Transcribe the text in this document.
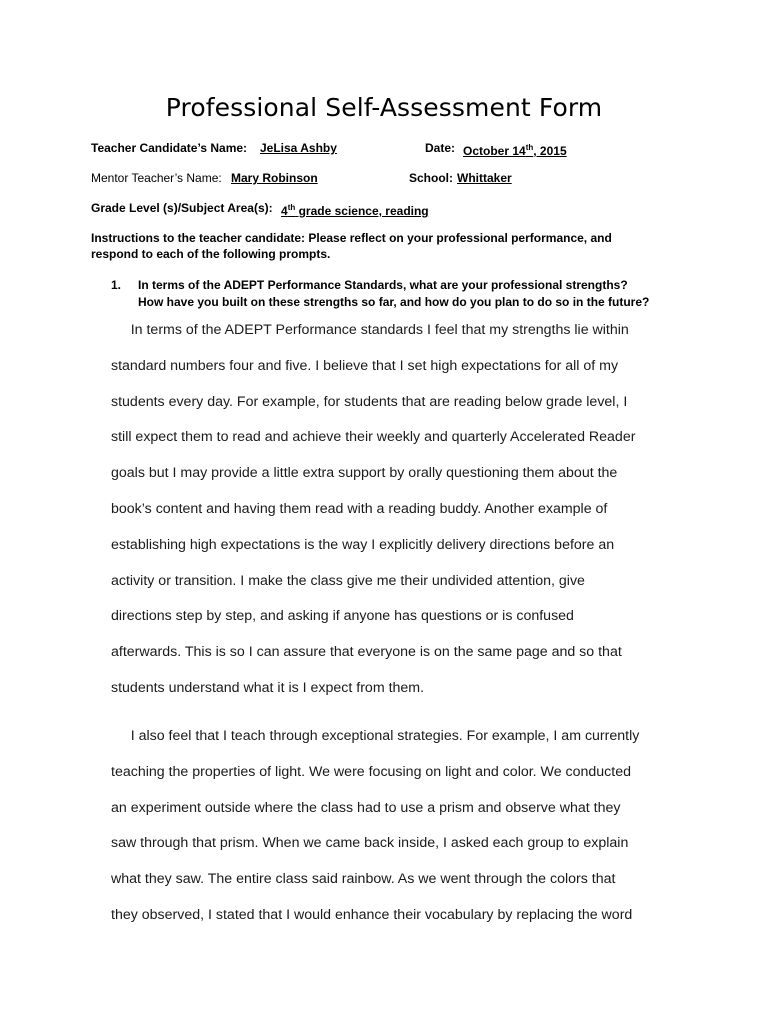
Professional Self-Assessment Form
Teacher Candidate’s Name: JeLisa Ashby	Date: October 14th, 2015
Mentor Teacher’s Name: Mary Robinson	School: Whittaker
Grade Level (s)/Subject Area(s): 4th grade science, reading
Instructions to the teacher candidate: Please reflect on your professional performance, and
respond to each of the following prompts.
1. In terms of the ADEPT Performance Standards, what are your professional strengths?
How have you built on these strengths so far, and how do you plan to do so in the future?
In terms of the ADEPT Performance standards I feel that my strengths lie within
standard numbers four and five. I believe that I set high expectations for all of my
students every day. For example, for students that are reading below grade level, I
still expect them to read and achieve their weekly and quarterly Accelerated Reader
goals but I may provide a little extra support by orally questioning them about the
book’s content and having them read with a reading buddy. Another example of
establishing high expectations is the way I explicitly delivery directions before an
activity or transition. I make the class give me their undivided attention, give
directions step by step, and asking if anyone has questions or is confused
afterwards. This is so I can assure that everyone is on the same page and so that
students understand what it is I expect from them.
I also feel that I teach through exceptional strategies. For example, I am currently
teaching the properties of light. We were focusing on light and color. We conducted
an experiment outside where the class had to use a prism and observe what they
saw through that prism. When we came back inside, I asked each group to explain
what they saw. The entire class said rainbow. As we went through the colors that
they observed, I stated that I would enhance their vocabulary by replacing the word
